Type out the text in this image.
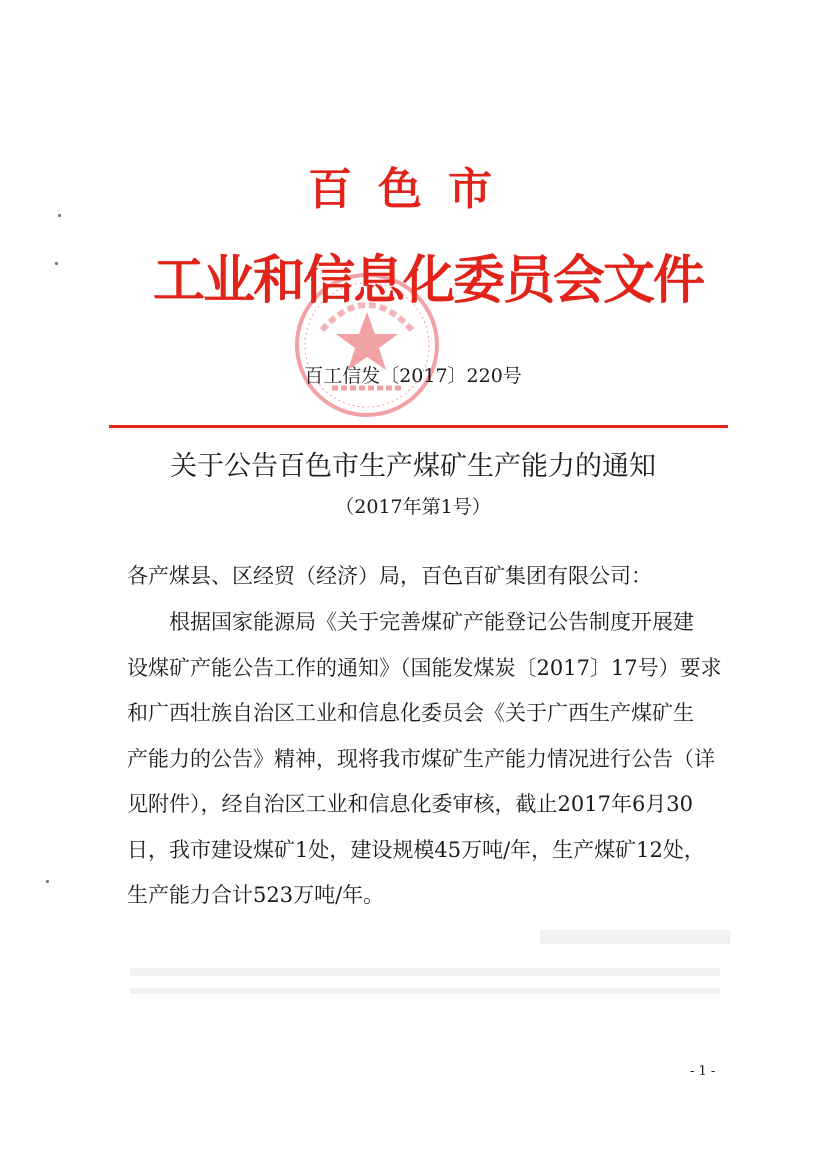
百色市
工业和信息化委员会文件
百工信发〔2017〕220号
关于公告百色市生产煤矿生产能力的通知
（2017年第1号）
各产煤县、区经贸（经济）局，百色百矿集团有限公司：
根据国家能源局《关于完善煤矿产能登记公告制度开展建
设煤矿产能公告工作的通知》（国能发煤炭〔2017〕17号）要求
和广西壮族自治区工业和信息化委员会《关于广西生产煤矿生
产能力的公告》精神，现将我市煤矿生产能力情况进行公告（详
见附件），经自治区工业和信息化委审核，截止2017年6月30
日，我市建设煤矿1处，建设规模45万吨/年，生产煤矿12处，
生产能力合计523万吨/年。
- 1 -
